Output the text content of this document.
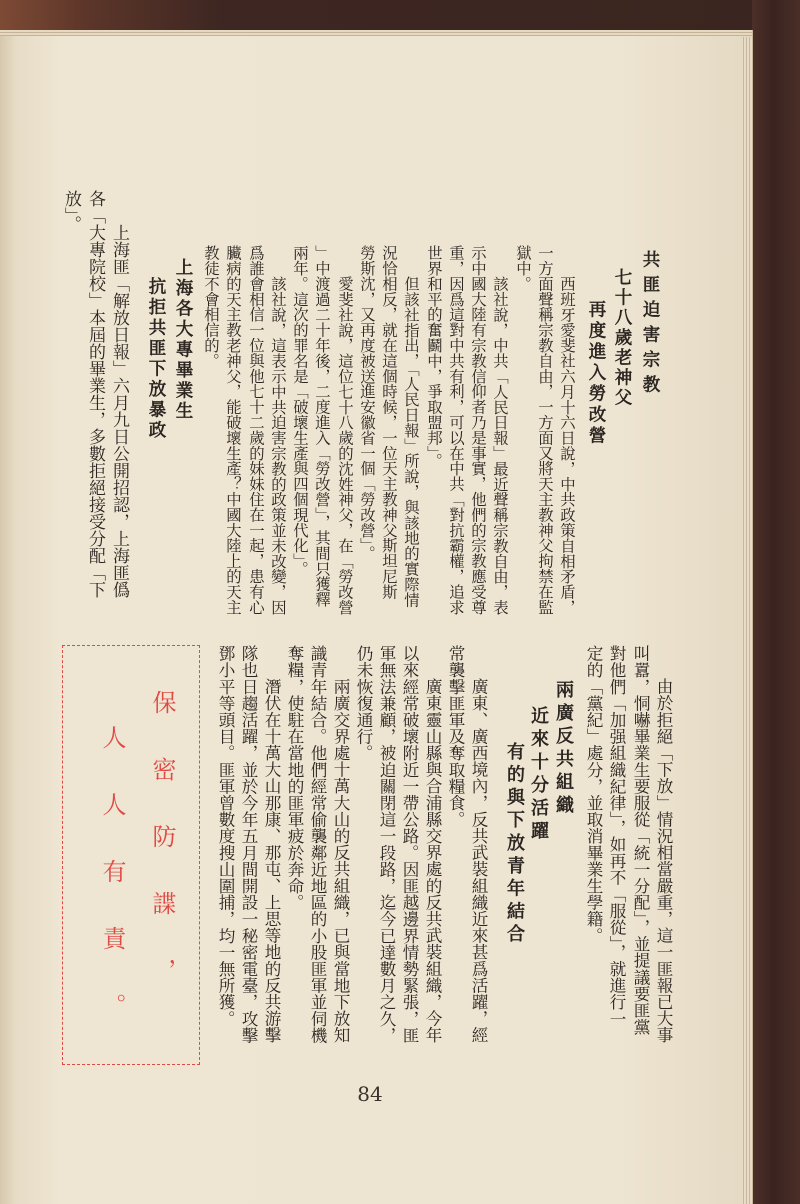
共匪迫害宗教
七十八歲老神父
再度進入勞改營
西班牙愛斐社六月十六日說，中共政策自相矛盾，
一方面聲稱宗教自由，一方面又將天主教神父拘禁在監
獄中。
該社說，中共「人民日報」最近聲稱宗教自由，表
示中國大陸有宗教信仰者乃是事實，他們的宗教應受尊
重，因爲這對中共有利，可以在中共「對抗霸權，追求
世界和平的奮鬬中，爭取盟邦」。
但該社指出，「人民日報」所說，與該地的實際情
況恰相反，就在這個時候，一位天主教神父斯坦尼斯
勞斯沈，又再度被送進安徽省一個「勞改營」。
愛斐社說，這位七十八歲的沈姓神父，在「勞改營
」中渡過二十年後，二度進入「勞改營」，其間只獲釋
兩年。這次的罪名是「破壞生產與四個現代化」。
該社說，這表示中共迫害宗教的政策並未改變，因
爲誰會相信一位與他七十二歲的妹妹住在一起，患有心
臟病的天主教老神父，能破壞生產？中國大陸上的天主
教徒不會相信的。
上海各大專畢業生
抗拒共匪下放暴政
上海匪「解放日報」六月九日公開招認，上海匪僞
各「大專院校」本屆的畢業生，多數拒絕接受分配「下
放」。
由於拒絕「下放」情況相當嚴重，這一匪報已大事
叫囂，恫嚇畢業生要服從「統一分配」，並提議要匪黨
對他們「加强組織紀律」，如再不「服從」，就進行一
定的「黨紀」處分，並取消畢業生學籍。
兩廣反共組織
近來十分活躍
有的與下放青年結合
廣東、廣西境內，反共武裝組織近來甚爲活躍，經
常襲擊匪軍及奪取糧食。
廣東靈山縣與合浦縣交界處的反共武裝組織，今年
以來經常破壞附近一帶公路。因匪越邊界情勢緊張，匪
軍無法兼顧，被迫關閉這一段路，迄今已達數月之久，
仍未恢復通行。
兩廣交界處十萬大山的反共組織，已與當地下放知
識青年結合。他們經常偷襲鄰近地區的小股匪軍並伺機
奪糧，使駐在當地的匪軍疲於奔命。
潛伏在十萬大山那康、那屯、上思等地的反共游擊
隊也日趨活躍，並於今年五月間開設一秘密電臺，攻擊
鄧小平等頭目。匪軍曾數度搜山圍捕，均一無所獲。
保密防諜，
人人有責。
84
